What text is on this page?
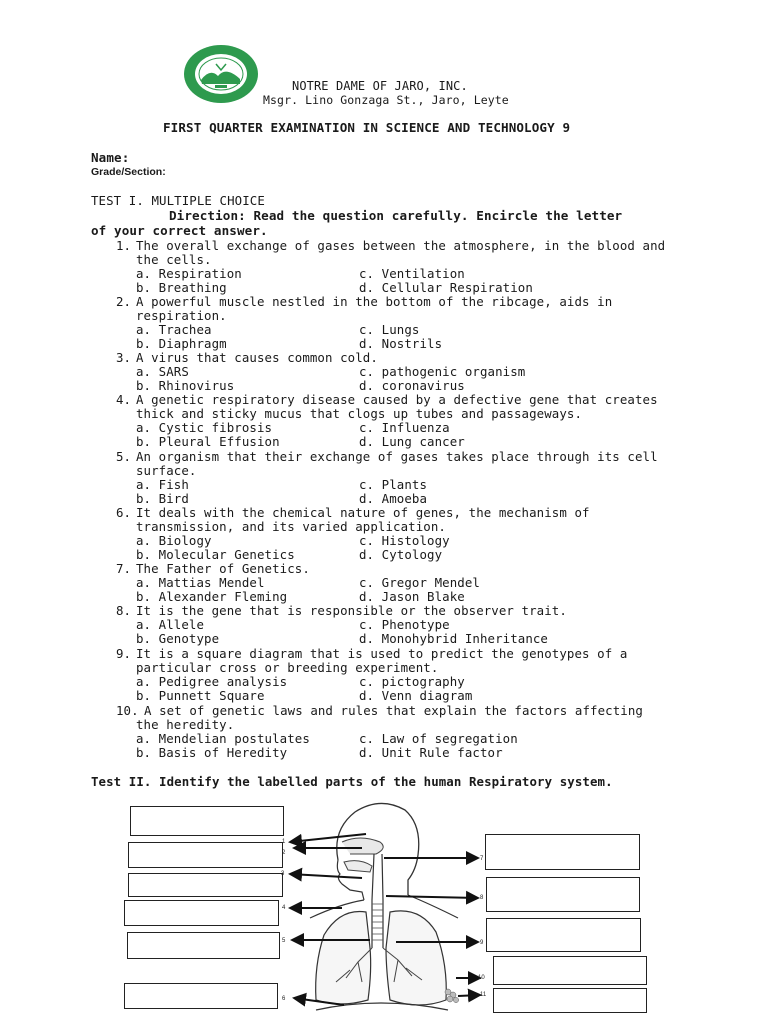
NOTRE DAME OF JARO, INC.
Msgr. Lino Gonzaga St., Jaro, Leyte
FIRST QUARTER EXAMINATION IN SCIENCE AND TECHNOLOGY 9
Name:
Grade/Section:
TEST I. MULTIPLE CHOICE
Direction: Read the question carefully. Encircle the letter
of your correct answer.
1. The overall exchange of gases between the atmosphere, in the blood and
the cells.
a. Respiration	c. Ventilation
b. Breathing	d. Cellular Respiration
2. A powerful muscle nestled in the bottom of the ribcage, aids in
respiration.
a. Trachea	c. Lungs
b. Diaphragm	d. Nostrils
3. A virus that causes common cold.
a. SARS	c. pathogenic organism
b. Rhinovirus	d. coronavirus
4. A genetic respiratory disease caused by a defective gene that creates
thick and sticky mucus that clogs up tubes and passageways.
a. Cystic fibrosis	c. Influenza
b. Pleural Effusion	d. Lung cancer
5. An organism that their exchange of gases takes place through its cell
surface.
a. Fish	c. Plants
b. Bird	d. Amoeba
6. It deals with the chemical nature of genes, the mechanism of
transmission, and its varied application.
a. Biology	c. Histology
b. Molecular Genetics	d. Cytology
7. The Father of Genetics.
a. Mattias Mendel	c. Gregor Mendel
b. Alexander Fleming	d. Jason Blake
8. It is the gene that is responsible or the observer trait.
a. Allele	c. Phenotype
b. Genotype	d. Monohybrid Inheritance
9. It is a square diagram that is used to predict the genotypes of a
particular cross or breeding experiment.
a. Pedigree analysis	c. pictography
b. Punnett Square	d. Venn diagram
10. A set of genetic laws and rules that explain the factors affecting
the heredity.
a. Mendelian postulates	c. Law of segregation
b. Basis of Heredity	d. Unit Rule factor
Test II. Identify the labelled parts of the human Respiratory system.
1
2
3
4
5
6
7
8
9
10
11
